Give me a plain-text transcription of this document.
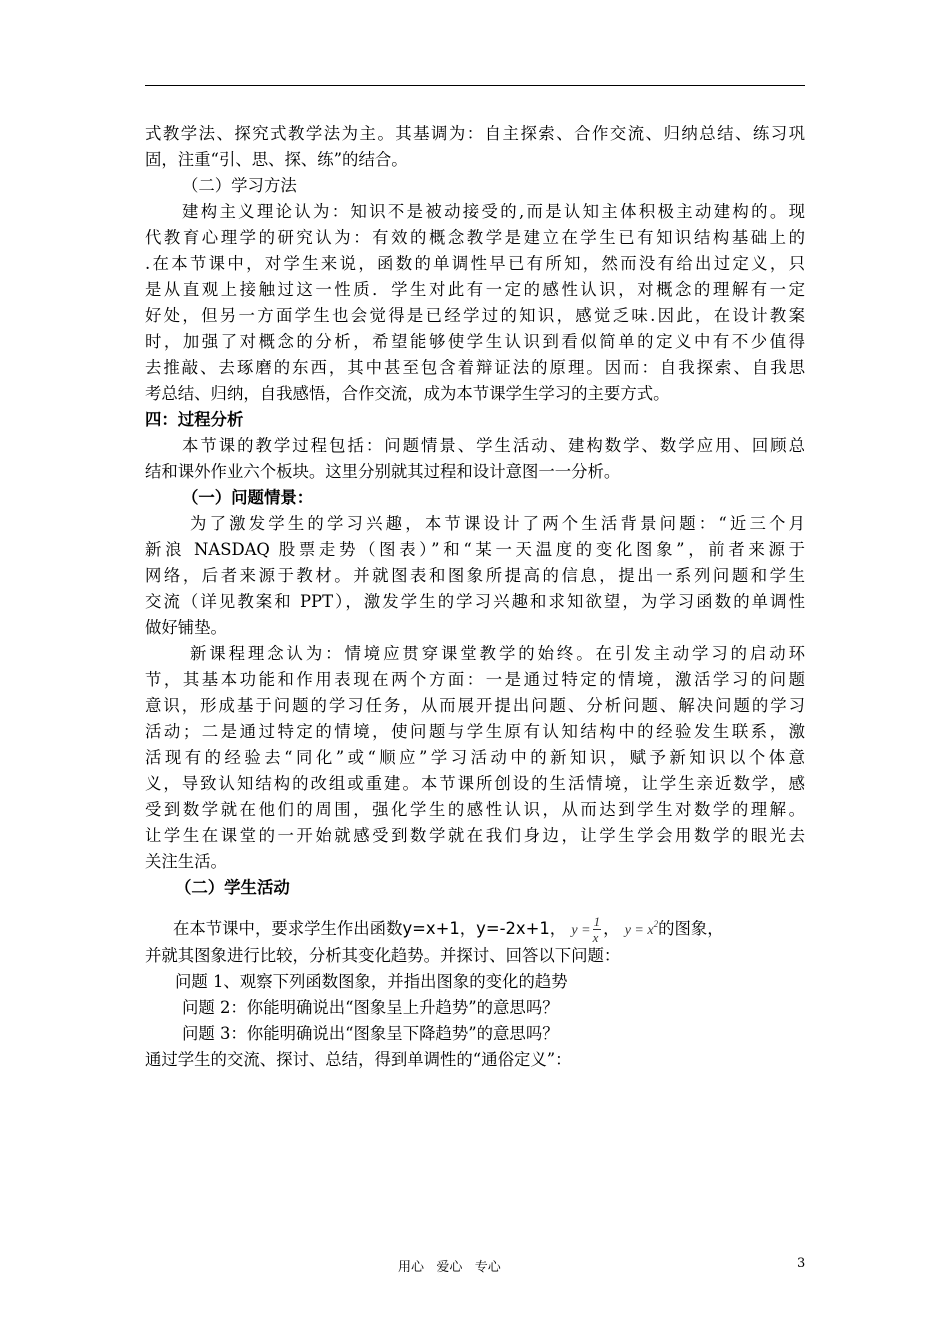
式教学法、探究式教学法为主。其基调为：自主探索、合作交流、归纳总结、练习巩
固，注重“引、思、探、练”的结合。
（二）学习方法
建构主义理论认为：知识不是被动接受的,而是认知主体积极主动建构的。现
代教育心理学的研究认为：有效的概念教学是建立在学生已有知识结构基础上的
.在本节课中，对学生来说，函数的单调性早已有所知，然而没有给出过定义，只
是从直观上接触过这一性质．学生对此有一定的感性认识，对概念的理解有一定
好处，但另一方面学生也会觉得是已经学过的知识，感觉乏味.因此，在设计教案
时，加强了对概念的分析，希望能够使学生认识到看似简单的定义中有不少值得
去推敲、去琢磨的东西，其中甚至包含着辩证法的原理。因而：自我探索、自我思
考总结、归纳，自我感悟，合作交流，成为本节课学生学习的主要方式。
四：过程分析
本节课的教学过程包括：问题情景、学生活动、建构数学、数学应用、回顾总
结和课外作业六个板块。这里分别就其过程和设计意图一一分析。
（一）问题情景：
为了激发学生的学习兴趣，本节课设计了两个生活背景问题：“近三个月
新浪 NASDAQ 股票走势（图表）”和“某一天温度的变化图象”，前者来源于
网络，后者来源于教材。并就图表和图象所提高的信息，提出一系列问题和学生
交流（详见教案和 PPT），激发学生的学习兴趣和求知欲望，为学习函数的单调性
做好铺垫。
新课程理念认为：情境应贯穿课堂教学的始终。在引发主动学习的启动环
节，其基本功能和作用表现在两个方面：一是通过特定的情境，激活学习的问题
意识，形成基于问题的学习任务，从而展开提出问题、分析问题、解决问题的学习
活动；二是通过特定的情境，使问题与学生原有认知结构中的经验发生联系，激
活现有的经验去“同化”或“顺应”学习活动中的新知识，赋予新知识以个体意
义，导致认知结构的改组或重建。本节课所创设的生活情境，让学生亲近数学，感
受到数学就在他们的周围，强化学生的感性认识，从而达到学生对数学的理解。
让学生在课堂的一开始就感受到数学就在我们身边，让学生学会用数学的眼光去
关注生活。
（二）学生活动
在本节课中，要求学生作出函数y=x+1，y=-2x+1， $y = \frac{1}{x}$ ， $y = x^2$的图象，
并就其图象进行比较，分析其变化趋势。并探讨、回答以下问题：
问题 1、观察下列函数图象，并指出图象的变化的趋势
问题 2：你能明确说出“图象呈上升趋势”的意思吗？
问题 3：你能明确说出“图象呈下降趋势”的意思吗？
通过学生的交流、探讨、总结，得到单调性的“通俗定义”：
用心   爱心   专心	3
